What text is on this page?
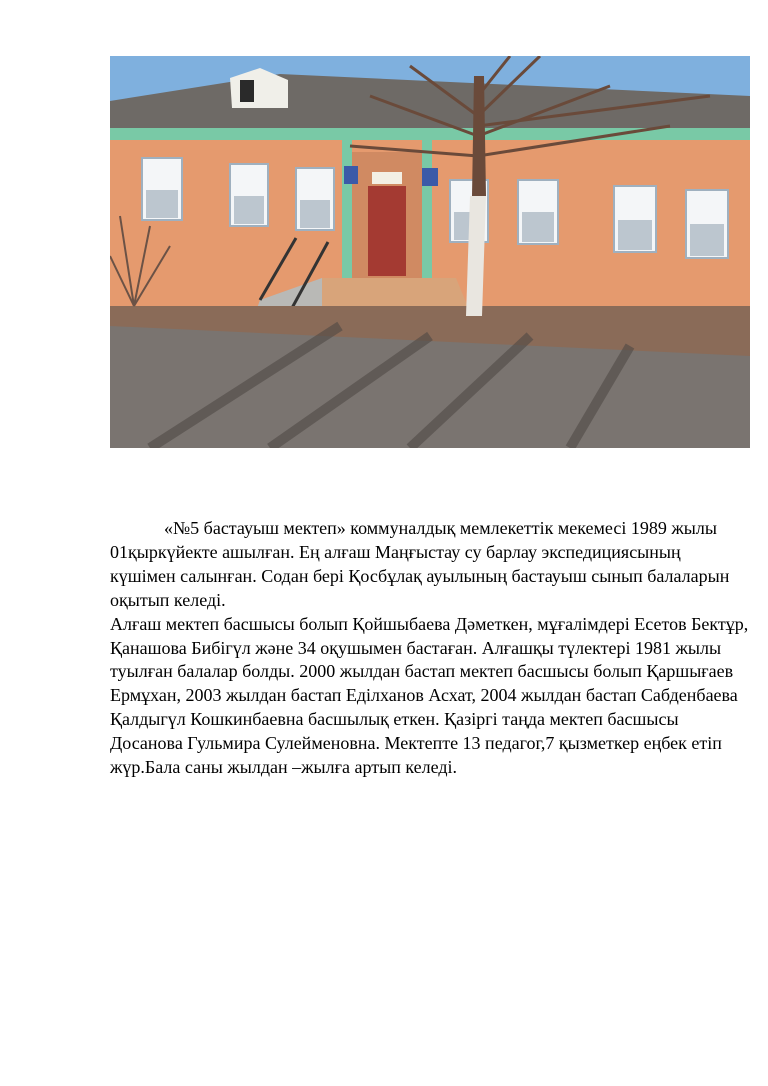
«№5 бастауыш мектеп» коммуналдық мемлекеттік мекемесі 1989 жылы 01қыркүйекте ашылған. Ең алғаш Маңғыстау су барлау экспедициясының күшімен салынған. Содан бері Қосбұлақ ауылының бастауыш сынып балаларын оқытып келеді.

Алғаш мектеп басшысы болып Қойшыбаева Дәметкен, мұғалімдері Есетов Бектұр, Қанашова Бибігүл және 34 оқушымен бастаған. Алғашқы түлектері 1981 жылы туылған балалар болды. 2000 жылдан бастап мектеп басшысы болып Қаршығаев Ермұхан, 2003 жылдан бастап Еділханов Асхат, 2004 жылдан бастап Сабденбаева Қалдыгүл Кошкинбаевна басшылық еткен. Қазіргі таңда мектеп басшысы Досанова Гульмира Сулейменовна. Мектепте 13 педагог,7 қызметкер еңбек етіп жүр.Бала саны жылдан –жылға артып келеді.
